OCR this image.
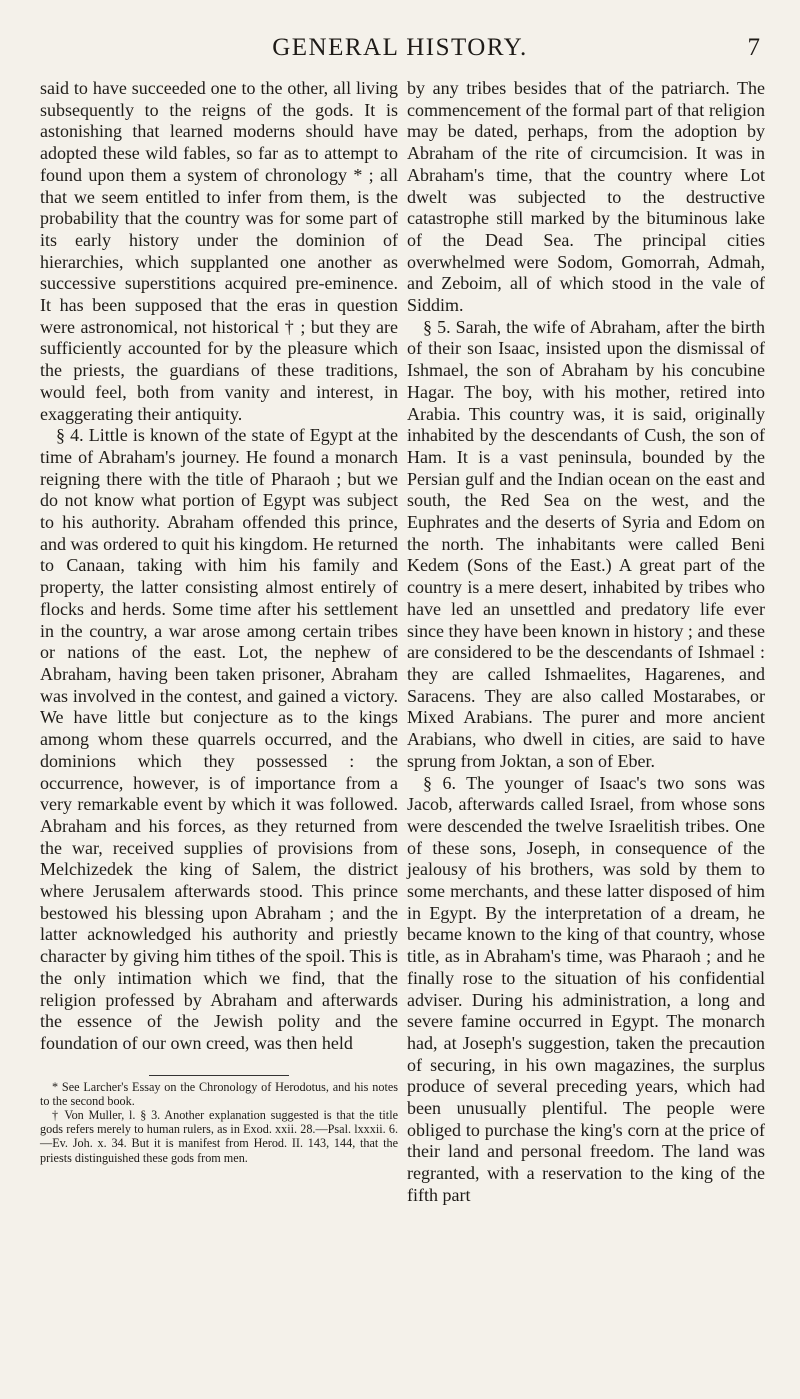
GENERAL HISTORY.	7

said to have succeeded one to the other, all living subsequently to the reigns of the gods. It is astonishing that learned moderns should have adopted these wild fables, so far as to attempt to found upon them a system of chronology * ; all that we seem entitled to infer from them, is the probability that the country was for some part of its early history under the dominion of hierarchies, which supplanted one another as successive superstitions acquired pre-eminence. It has been supposed that the eras in question were astronomical, not historical † ; but they are sufficiently accounted for by the pleasure which the priests, the guardians of these traditions, would feel, both from vanity and interest, in exaggerating their antiquity.

§ 4. Little is known of the state of Egypt at the time of Abraham's journey. He found a monarch reigning there with the title of Pharaoh ; but we do not know what portion of Egypt was subject to his authority. Abraham offended this prince, and was ordered to quit his kingdom. He returned to Canaan, taking with him his family and property, the latter consisting almost entirely of flocks and herds. Some time after his settlement in the country, a war arose among certain tribes or nations of the east. Lot, the nephew of Abraham, having been taken prisoner, Abraham was involved in the contest, and gained a victory. We have little but conjecture as to the kings among whom these quarrels occurred, and the dominions which they possessed : the occurrence, however, is of importance from a very remarkable event by which it was followed. Abraham and his forces, as they returned from the war, received supplies of provisions from Melchizedek the king of Salem, the district where Jerusalem afterwards stood. This prince bestowed his blessing upon Abraham ; and the latter acknowledged his authority and priestly character by giving him tithes of the spoil. This is the only intimation which we find, that the religion professed by Abraham and afterwards the essence of the Jewish polity and the foundation of our own creed, was then held

* See Larcher's Essay on the Chronology of Herodotus, and his notes to the second book.

† Von Muller, l. § 3. Another explanation suggested is that the title gods refers merely to human rulers, as in Exod. xxii. 28.—Psal. lxxxii. 6.—Ev. Joh. x. 34. But it is manifest from Herod. II. 143, 144, that the priests distinguished these gods from men.

by any tribes besides that of the patriarch. The commencement of the formal part of that religion may be dated, perhaps, from the adoption by Abraham of the rite of circumcision. It was in Abraham's time, that the country where Lot dwelt was subjected to the destructive catastrophe still marked by the bituminous lake of the Dead Sea. The principal cities overwhelmed were Sodom, Gomorrah, Admah, and Zeboim, all of which stood in the vale of Siddim.

§ 5. Sarah, the wife of Abraham, after the birth of their son Isaac, insisted upon the dismissal of Ishmael, the son of Abraham by his concubine Hagar. The boy, with his mother, retired into Arabia. This country was, it is said, originally inhabited by the descendants of Cush, the son of Ham. It is a vast peninsula, bounded by the Persian gulf and the Indian ocean on the east and south, the Red Sea on the west, and the Euphrates and the deserts of Syria and Edom on the north. The inhabitants were called Beni Kedem (Sons of the East.) A great part of the country is a mere desert, inhabited by tribes who have led an unsettled and predatory life ever since they have been known in history ; and these are considered to be the descendants of Ishmael : they are called Ishmaelites, Hagarenes, and Saracens. They are also called Mostarabes, or Mixed Arabians. The purer and more ancient Arabians, who dwell in cities, are said to have sprung from Joktan, a son of Eber.

§ 6. The younger of Isaac's two sons was Jacob, afterwards called Israel, from whose sons were descended the twelve Israelitish tribes. One of these sons, Joseph, in consequence of the jealousy of his brothers, was sold by them to some merchants, and these latter disposed of him in Egypt. By the interpretation of a dream, he became known to the king of that country, whose title, as in Abraham's time, was Pharaoh ; and he finally rose to the situation of his confidential adviser. During his administration, a long and severe famine occurred in Egypt. The monarch had, at Joseph's suggestion, taken the precaution of securing, in his own magazines, the surplus produce of several preceding years, which had been unusually plentiful. The people were obliged to purchase the king's corn at the price of their land and personal freedom. The land was regranted, with a reservation to the king of the fifth part
